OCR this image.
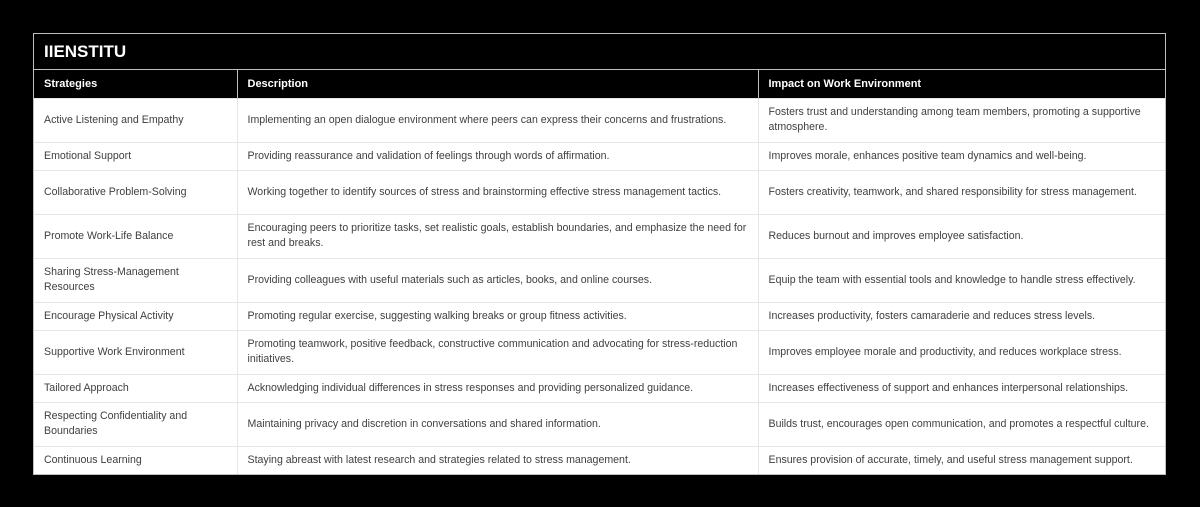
IIENSTITU
Strategies	Description	Impact on Work Environment
Active Listening and Empathy	Implementing an open dialogue environment where peers can express their concerns and frustrations.	Fosters trust and understanding among team members, promoting a supportive atmosphere.
Emotional Support	Providing reassurance and validation of feelings through words of affirmation.	Improves morale, enhances positive team dynamics and well-being.
Collaborative Problem-Solving	Working together to identify sources of stress and brainstorming effective stress management tactics.	Fosters creativity, teamwork, and shared responsibility for stress management.
Promote Work-Life Balance	Encouraging peers to prioritize tasks, set realistic goals, establish boundaries, and emphasize the need for rest and breaks.	Reduces burnout and improves employee satisfaction.
Sharing Stress-Management Resources	Providing colleagues with useful materials such as articles, books, and online courses.	Equip the team with essential tools and knowledge to handle stress effectively.
Encourage Physical Activity	Promoting regular exercise, suggesting walking breaks or group fitness activities.	Increases productivity, fosters camaraderie and reduces stress levels.
Supportive Work Environment	Promoting teamwork, positive feedback, constructive communication and advocating for stress-reduction initiatives.	Improves employee morale and productivity, and reduces workplace stress.
Tailored Approach	Acknowledging individual differences in stress responses and providing personalized guidance.	Increases effectiveness of support and enhances interpersonal relationships.
Respecting Confidentiality and Boundaries	Maintaining privacy and discretion in conversations and shared information.	Builds trust, encourages open communication, and promotes a respectful culture.
Continuous Learning	Staying abreast with latest research and strategies related to stress management.	Ensures provision of accurate, timely, and useful stress management support.
